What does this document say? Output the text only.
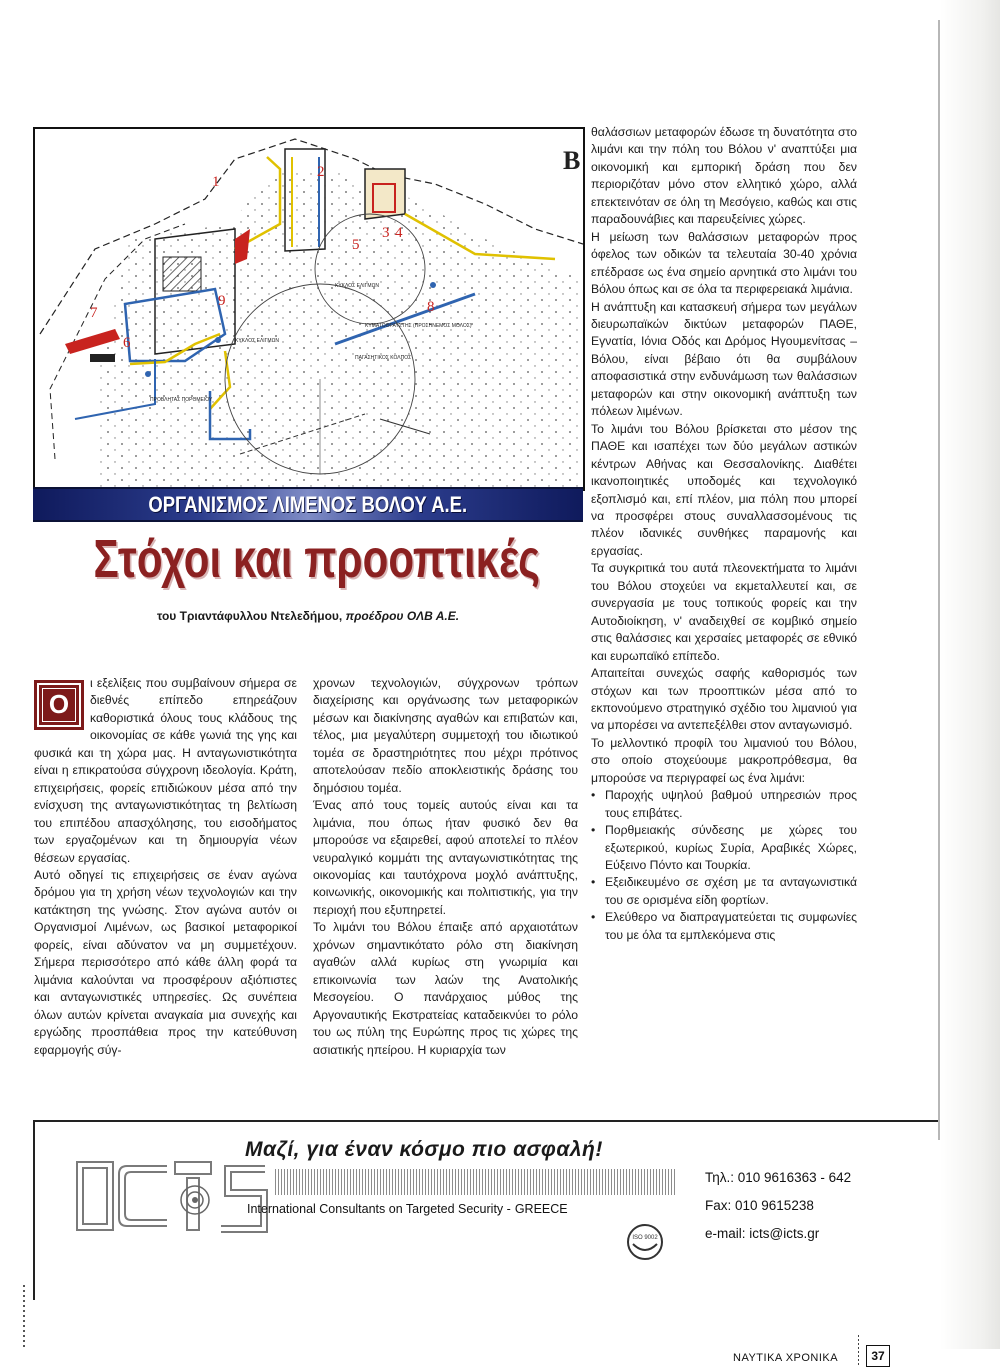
B
1
2
3 4
5
6
7	8
9
ΚΥΚΛΟΣ ΕΛΙΓΜΩΝ
ΚΥΚΛΟΣ ΕΛΙΓΜΩΝ
ΠΑΓΑΣΗΤΙΚΟΣ ΚΟΛΠΟΣ
ΚΥΜΑΤΟΘΡΑΥΣΤΗΣ (ΠΡΟΣΗΝΕΜΟΣ ΜΟΛΟΣ)
ΠΡΟΒΛΗΤΑΣ ΠΟΡΘΜΕΙΟΥ
ΟΡΓΑΝΙΣΜΟΣ ΛΙΜΕΝΟΣ ΒΟΛΟΥ Α.Ε.
Στόχοι και προοπτικές
του Τριαντάφυλλου Ντελεδήμου, προέδρου ΟΛΒ Α.Ε.
Ο

ι εξελίξεις που συμβαίνουν σήμερα σε διεθνές επίπεδο επηρεάζουν καθοριστικά όλους τους κλάδους της οικονομίας σε κάθε γωνιά της γης και φυσικά και τη χώρα μας. Η ανταγωνιστικότητα είναι η επικρατούσα σύγχρονη ιδεολογία. Κράτη, επιχειρήσεις, φορείς επιδιώκουν μέσα από την ενίσχυση της ανταγωνιστικότητας τη βελτίωση του επιπέδου απασχόλησης, του εισοδήματος των εργαζομένων και τη δημιουργία νέων θέσεων εργασίας.

Αυτό οδηγεί τις επιχειρήσεις σε έναν αγώνα δρόμου για τη χρήση νέων τεχνολογιών και την κατάκτηση της γνώσης. Στον αγώνα αυτόν οι Οργανισμοί Λιμένων, ως βασικοί μεταφορικοί φορείς, είναι αδύνατον να μη συμμετέχουν. Σήμερα περισσότερο από κάθε άλλη φορά τα λιμάνια καλούνται να προσφέρουν αξιόπιστες και ανταγωνιστικές υπηρεσίες. Ως συνέπεια όλων αυτών κρίνεται αναγκαία μια συνεχής και εργώδης προσπάθεια προς την κατεύθυνση εφαρμογής σύγ-

χρονων τεχνολογιών, σύγχρονων τρόπων διαχείρισης και οργάνωσης των μεταφορικών μέσων και διακίνησης αγαθών και επιβατών και, τέλος, μια μεγαλύτερη συμμετοχή του ιδιωτικού τομέα σε δραστηριότητες που μέχρι πρότινος αποτελούσαν πεδίο αποκλειστικής δράσης του δημόσιου τομέα.

Ένας από τους τομείς αυτούς είναι και τα λιμάνια, που όπως ήταν φυσικό δεν θα μπορούσε να εξαιρεθεί, αφού αποτελεί το πλέον νευραλγικό κομμάτι της ανταγωνιστικότητας της οικονομίας και ταυτόχρονα μοχλό ανάπτυξης, κοινωνικής, οικονομικής και πολιτιστικής, για την περιοχή που εξυπηρετεί.

Το λιμάνι του Βόλου έπαιξε από αρχαιοτάτων χρόνων σημαντικότατο ρόλο στη διακίνηση αγαθών αλλά κυρίως στη γνωριμία και επικοινωνία των λαών της Ανατολικής Μεσογείου. Ο πανάρχαιος μύθος της Αργοναυτικής Εκστρατείας καταδεικνύει το ρόλο του ως πύλη της Ευρώπης προς τις χώρες της ασιατικής ηπείρου. Η κυριαρχία των

θαλάσσιων μεταφορών έδωσε τη δυνατότητα στο λιμάνι και την πόλη του Βόλου ν' αναπτύξει μια οικονομική και εμπορική δράση που δεν περιοριζόταν μόνο στον ελλητικό χώρο, αλλά επεκτεινόταν σε όλη τη Μεσόγειο, καθώς και στις παραδουνάβιες και παρευξείνιες χώρες.

Η μείωση των θαλάσσιων μεταφορών προς όφελος των οδικών τα τελευταία 30-40 χρόνια επέδρασε ως ένα σημείο αρνητικά στο λιμάνι του Βόλου όπως και σε όλα τα περιφερειακά λιμάνια.

Η ανάπτυξη και κατασκευή σήμερα των μεγάλων διευρωπαϊκών δικτύων μεταφορών ΠΑΘΕ, Εγνατία, Ιόνια Οδός και Δρόμος Ηγουμενίτσας – Βόλου, είναι βέβαιο ότι θα συμβάλουν αποφασιστικά στην ενδυνάμωση των θαλάσσιων μεταφορών και στην οικονομική ανάπτυξη των πόλεων λιμένων.

Το λιμάνι του Βόλου βρίσκεται στο μέσον της ΠΑΘΕ και ισαπέχει των δύο μεγάλων αστικών κέντρων Αθήνας και Θεσσαλονίκης. Διαθέτει ικανοποιητικές υποδομές και τεχνολογικό εξοπλισμό και, επί πλέον, μια πόλη που μπορεί να προσφέρει στους συναλλασσομένους τις πλέον ιδανικές συνθήκες παραμονής και εργασίας.

Τα συγκριτικά του αυτά πλεονεκτήματα το λιμάνι του Βόλου στοχεύει να εκμεταλλευτεί και, σε συνεργασία με τους τοπικούς φορείς και την Αυτοδιοίκηση, ν' αναδειχθεί σε κομβικό σημείο στις θαλάσσιες και χερσαίες μεταφορές σε εθνικό και ευρωπαϊκό επίπεδο.

Απαιτείται συνεχώς σαφής καθορισμός των στόχων και των προοπτικών μέσα από το εκπονούμενο στρατηγικό σχέδιο του λιμανιού για να μπορέσει να αντεπεξέλθει στον ανταγωνισμό.

Το μελλοντικό προφίλ του λιμανιού του Βόλου, στο οποίο στοχεύουμε μακροπρόθεσμα, θα μπορούσε να περιγραφεί ως ένα λιμάνι:

• Παροχής υψηλού βαθμού υπηρεσιών προς τους επιβάτες.
• Πορθμειακής σύνδεσης με χώρες του εξωτερικού, κυρίως Συρία, Αραβικές Χώρες, Εύξεινο Πόντο και Τουρκία.
• Εξειδικευμένο σε σχέση με τα ανταγωνιστικά του σε ορισμένα είδη φορτίων.
• Ελεύθερο να διαπραγματεύεται τις συμφωνίες του με όλα τα εμπλεκόμενα στις
Μαζί, για έναν κόσμο πιο ασφαλή!
ICTS
International Consultants on Targeted Security - GREECE
ISO 9002
Τηλ.: 010 9616363 - 642
Fax: 010 9615238
e-mail: icts@icts.gr
ΝΑΥΤΙΚΑ ΧΡΟΝΙΚΑ	37
